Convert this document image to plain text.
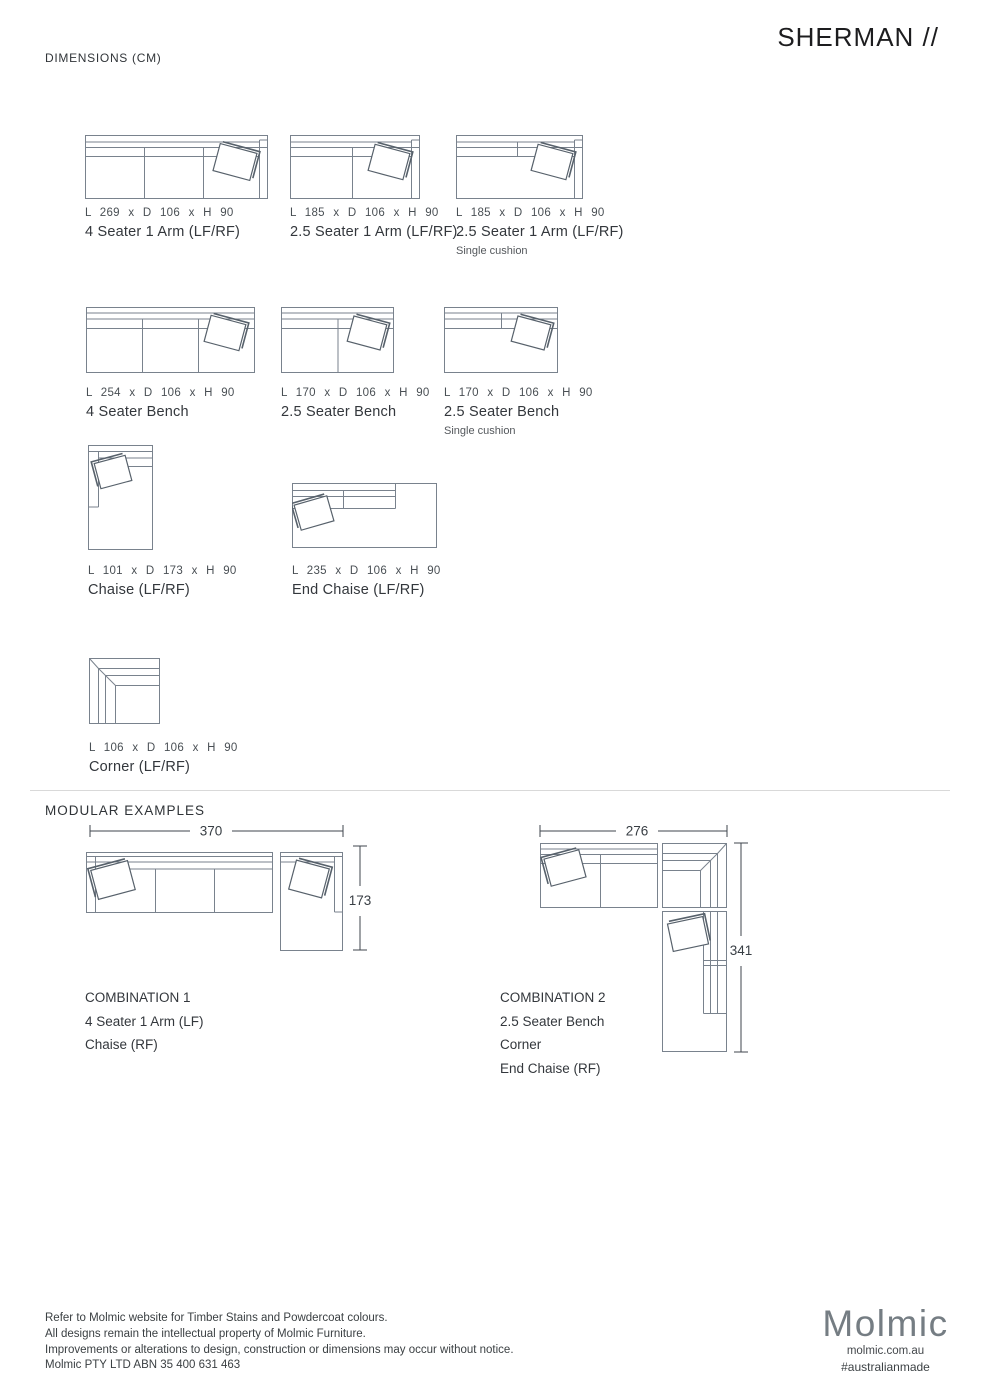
DIMENSIONS (CM)
SHERMAN //
L 269 x D 106 x H 90
4 Seater 1 Arm (LF/RF)
L 185 x D 106 x H 90
2.5 Seater 1 Arm (LF/RF)
L 185 x D 106 x H 90
2.5 Seater 1 Arm (LF/RF)
Single cushion
L 254 x D 106 x H 90
4 Seater Bench
L 170 x D 106 x H 90
2.5 Seater Bench
L 170 x D 106 x H 90
2.5 Seater Bench
Single cushion
L 101 x D 173 x H 90
Chaise (LF/RF)
L 235 x D 106 x H 90
End Chaise (LF/RF)
L 106 x D 106 x H 90
Corner (LF/RF)
MODULAR EXAMPLES
370
173
276
341
COMBINATION 1
4 Seater 1 Arm (LF)
Chaise (RF)
COMBINATION 2
2.5 Seater Bench
Corner
End Chaise (RF)
Refer to Molmic website for Timber Stains and Powdercoat colours.
All designs remain the intellectual property of Molmic Furniture.
Improvements or alterations to design, construction or dimensions may occur without notice.
Molmic PTY LTD ABN 35 400 631 463
Molmic
molmic.com.au
#australianmade
